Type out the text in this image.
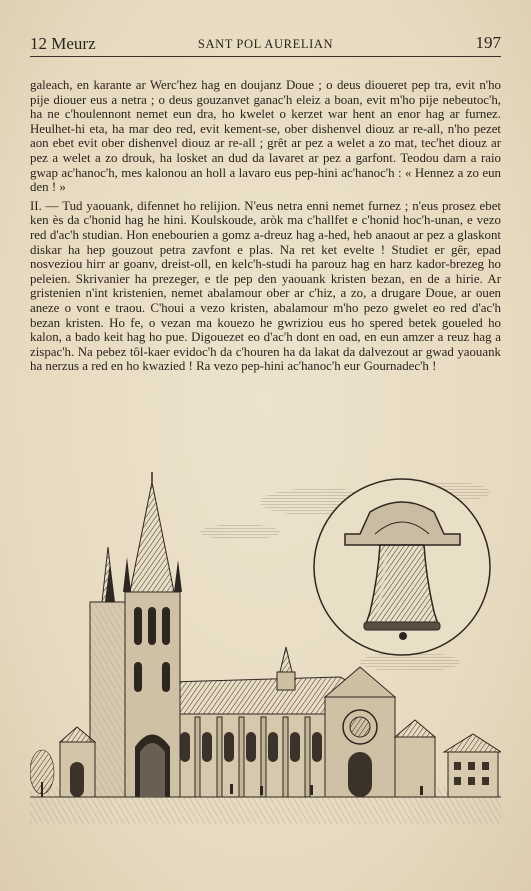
12 Meurz	SANT POL AURELIAN	197

galeach, en karante ar Werc'hez hag en doujanz Doue ; o deus dioueret pep tra, evit n'ho pije diouer eus a netra ; o deus gouzanvet ganac'h eleiz a boan, evit m'ho pije nebeutoc'h, ha ne c'houlennont nemet eun dra, ho kwelet o kerzet war hent an enor hag ar furnez. Heulhet-hi eta, ha mar deo red, evit kement-se, ober dishenvel diouz ar re-all, n'ho pezet aon ebet evit ober dishenvel diouz ar re-all ; grêt ar pez a welet a zo mat, tec'het diouz ar pez a welet a zo drouk, ha losket an dud da lavaret ar pez a garfont. Teodou darn a raio gwap ac'hanoc'h, mes kalonou an holl a lavaro eus pep-hini ac'hanoc'h : « Hennez a zo eun den ! »

II. — Tud yaouank, difennet ho relijion. N'eus netra enni nemet furnez ; n'eus prosez ebet ken ès da c'honid hag he hini. Koulskoude, aròk ma c'hallfet e c'honid hoc'h-unan, e vezo red d'ac'h studian. Hon enebourien a gomz a-dreuz hag a-hed, heb anaout ar pez a glaskont diskar ha hep gouzout petra zavfont e plas. Na ret ket evelte ! Studiet er gêr, epad nosveziou hirr ar goanv, dreist-oll, en kelc'h-studi ha parouz hag en harz kador-brezeg ho peleien. Skrivanier ha prezeger, e tle pep den yaouank kristen bezan, en de a hirie. Ar gristenien n'int kristenien, nemet abalamour ober ar c'hiz, a zo, a drugare Doue, ar ouen aneze o vont e traou. C'houi a vezo kristen, abalamour m'ho pezo gwelet eo red d'ac'h bezan kristen. Ho fe, o vezan ma kouezo he gwriziou eus ho spered betek goueled ho kalon, a bado keit hag ho pue. Digouezet eo d'ac'h dont en oad, en eun amzer a reuz hag a zispac'h. Na pebez tôl-kaer evidoc'h da c'houren ha da lakat da dalvezout ar gwad yaouank ha nerzus a red en ho kwazied ! Ra vezo pep-hini ac'hanoc'h eur Gournadec'h !
